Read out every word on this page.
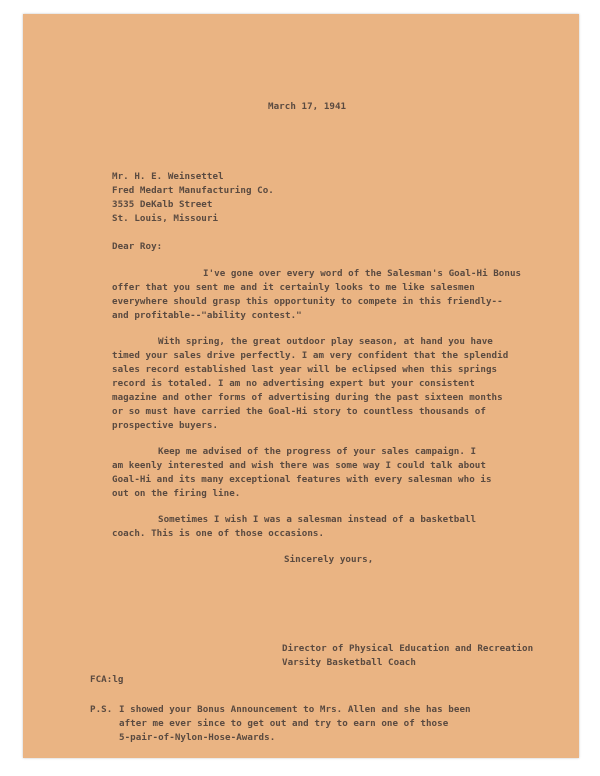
March 17, 1941
Mr. H. E. Weinsettel
Fred Medart Manufacturing Co.
3535 DeKalb Street
St. Louis, Missouri
Dear Roy:
I've gone over every word of the Salesman's Goal-Hi Bonus
offer that you sent me and it certainly looks to me like salesmen
everywhere should grasp this opportunity to compete in this friendly--
and profitable--"ability contest."
With spring, the great outdoor play season, at hand you have
timed your sales drive perfectly. I am very confident that the splendid
sales record established last year will be eclipsed when this springs
record is totaled. I am no advertising expert but your consistent
magazine and other forms of advertising during the past sixteen months
or so must have carried the Goal-Hi story to countless thousands of
prospective buyers.
Keep me advised of the progress of your sales campaign. I
am keenly interested and wish there was some way I could talk about
Goal-Hi and its many exceptional features with every salesman who is
out on the firing line.
Sometimes I wish I was a salesman instead of a basketball
coach. This is one of those occasions.
Sincerely yours,
Director of Physical Education and Recreation
Varsity Basketball Coach
FCA:lg
P.S. I showed your Bonus Announcement to Mrs. Allen and she has been
after me ever since to get out and try to earn one of those
5-pair-of-Nylon-Hose-Awards.
